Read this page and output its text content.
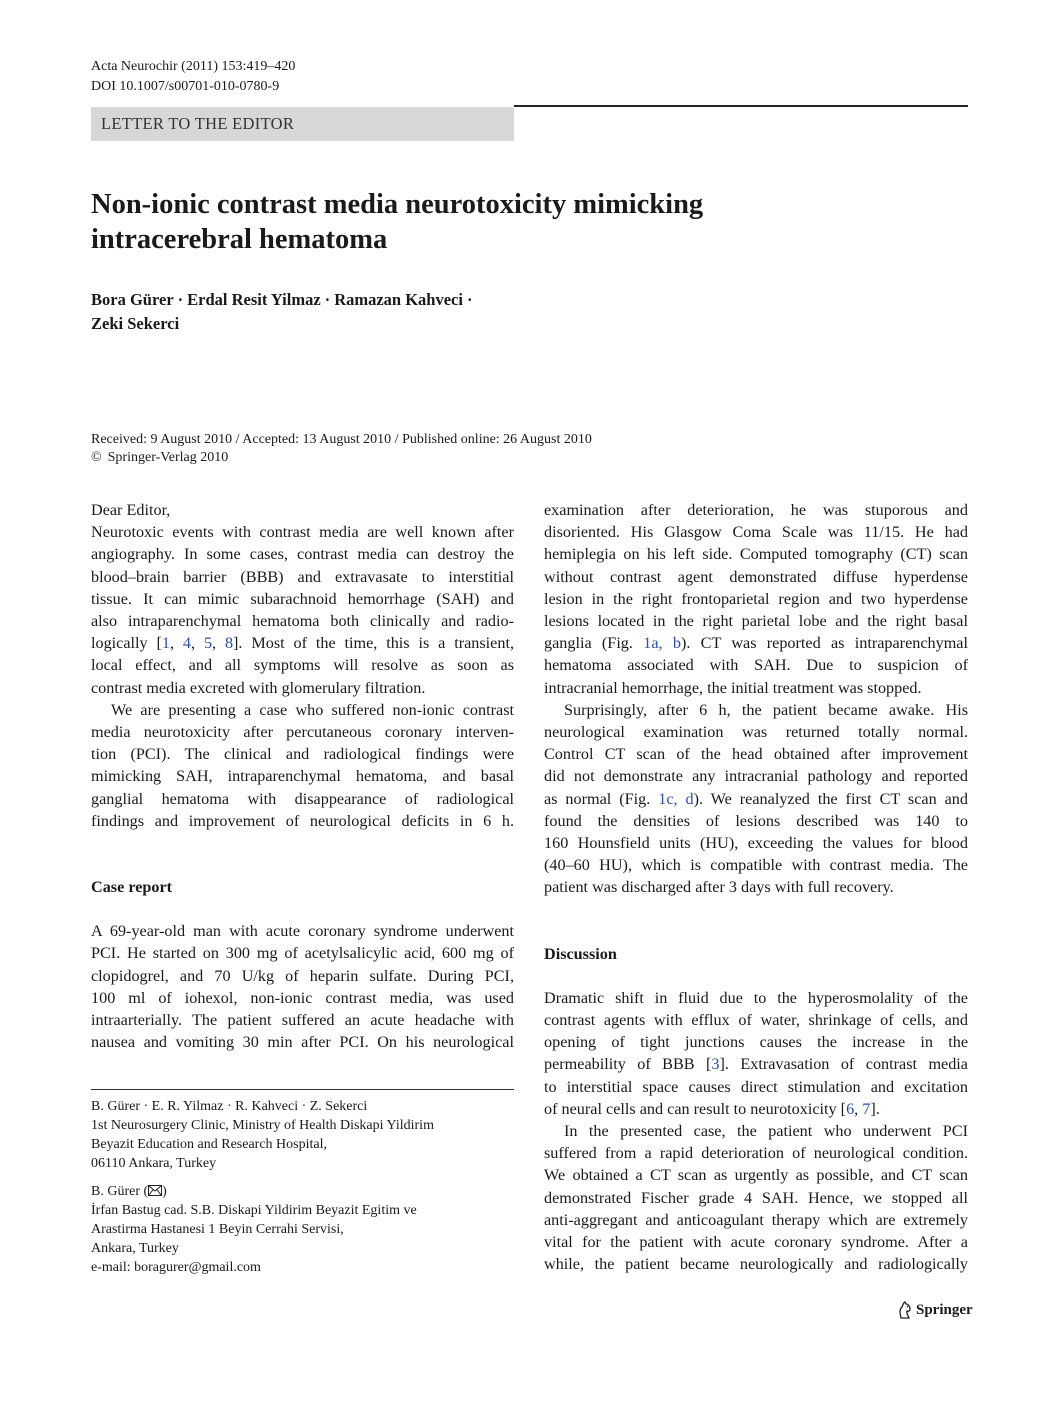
Acta Neurochir (2011) 153:419–420
DOI 10.1007/s00701-010-0780-9
LETTER TO THE EDITOR
Non-ionic contrast media neurotoxicity mimicking
intracerebral hematoma
Bora Gürer · Erdal Resit Yilmaz · Ramazan Kahveci ·
Zeki Sekerci
Received: 9 August 2010 / Accepted: 13 August 2010 / Published online: 26 August 2010
© Springer-Verlag 2010
Dear Editor,
Neurotoxic events with contrast media are well known after
angiography. In some cases, contrast media can destroy the
blood–brain barrier (BBB) and extravasate to interstitial
tissue. It can mimic subarachnoid hemorrhage (SAH) and
also intraparenchymal hematoma both clinically and radio-
logically [1, 4, 5, 8]. Most of the time, this is a transient,
local effect, and all symptoms will resolve as soon as
contrast media excreted with glomerulary filtration.
We are presenting a case who suffered non-ionic contrast
media neurotoxicity after percutaneous coronary interven-
tion (PCI). The clinical and radiological findings were
mimicking SAH, intraparenchymal hematoma, and basal
ganglial hematoma with disappearance of radiological
findings and improvement of neurological deficits in 6 h.
Case report
A 69-year-old man with acute coronary syndrome underwent
PCI. He started on 300 mg of acetylsalicylic acid, 600 mg of
clopidogrel, and 70 U/kg of heparin sulfate. During PCI,
100 ml of iohexol, non-ionic contrast media, was used
intraarterially. The patient suffered an acute headache with
nausea and vomiting 30 min after PCI. On his neurological
B. Gürer · E. R. Yilmaz · R. Kahveci · Z. Sekerci
1st Neurosurgery Clinic, Ministry of Health Diskapi Yildirim
Beyazit Education and Research Hospital,
06110 Ankara, Turkey
B. Gürer ( )
İrfan Bastug cad. S.B. Diskapi Yildirim Beyazit Egitim ve
Arastirma Hastanesi 1 Beyin Cerrahi Servisi,
Ankara, Turkey
e-mail: boragurer@gmail.com
examination after deterioration, he was stuporous and
disoriented. His Glasgow Coma Scale was 11/15. He had
hemiplegia on his left side. Computed tomography (CT) scan
without contrast agent demonstrated diffuse hyperdense
lesion in the right frontoparietal region and two hyperdense
lesions located in the right parietal lobe and the right basal
ganglia (Fig. 1a, b). CT was reported as intraparenchymal
hematoma associated with SAH. Due to suspicion of
intracranial hemorrhage, the initial treatment was stopped.
Surprisingly, after 6 h, the patient became awake. His
neurological examination was returned totally normal.
Control CT scan of the head obtained after improvement
did not demonstrate any intracranial pathology and reported
as normal (Fig. 1c, d). We reanalyzed the first CT scan and
found the densities of lesions described was 140 to
160 Hounsfield units (HU), exceeding the values for blood
(40–60 HU), which is compatible with contrast media. The
patient was discharged after 3 days with full recovery.
Discussion
Dramatic shift in fluid due to the hyperosmolality of the
contrast agents with efflux of water, shrinkage of cells, and
opening of tight junctions causes the increase in the
permeability of BBB [3]. Extravasation of contrast media
to interstitial space causes direct stimulation and excitation
of neural cells and can result to neurotoxicity [6, 7].
In the presented case, the patient who underwent PCI
suffered from a rapid deterioration of neurological condition.
We obtained a CT scan as urgently as possible, and CT scan
demonstrated Fischer grade 4 SAH. Hence, we stopped all
anti-aggregant and anticoagulant therapy which are extremely
vital for the patient with acute coronary syndrome. After a
while, the patient became neurologically and radiologically
Springer
